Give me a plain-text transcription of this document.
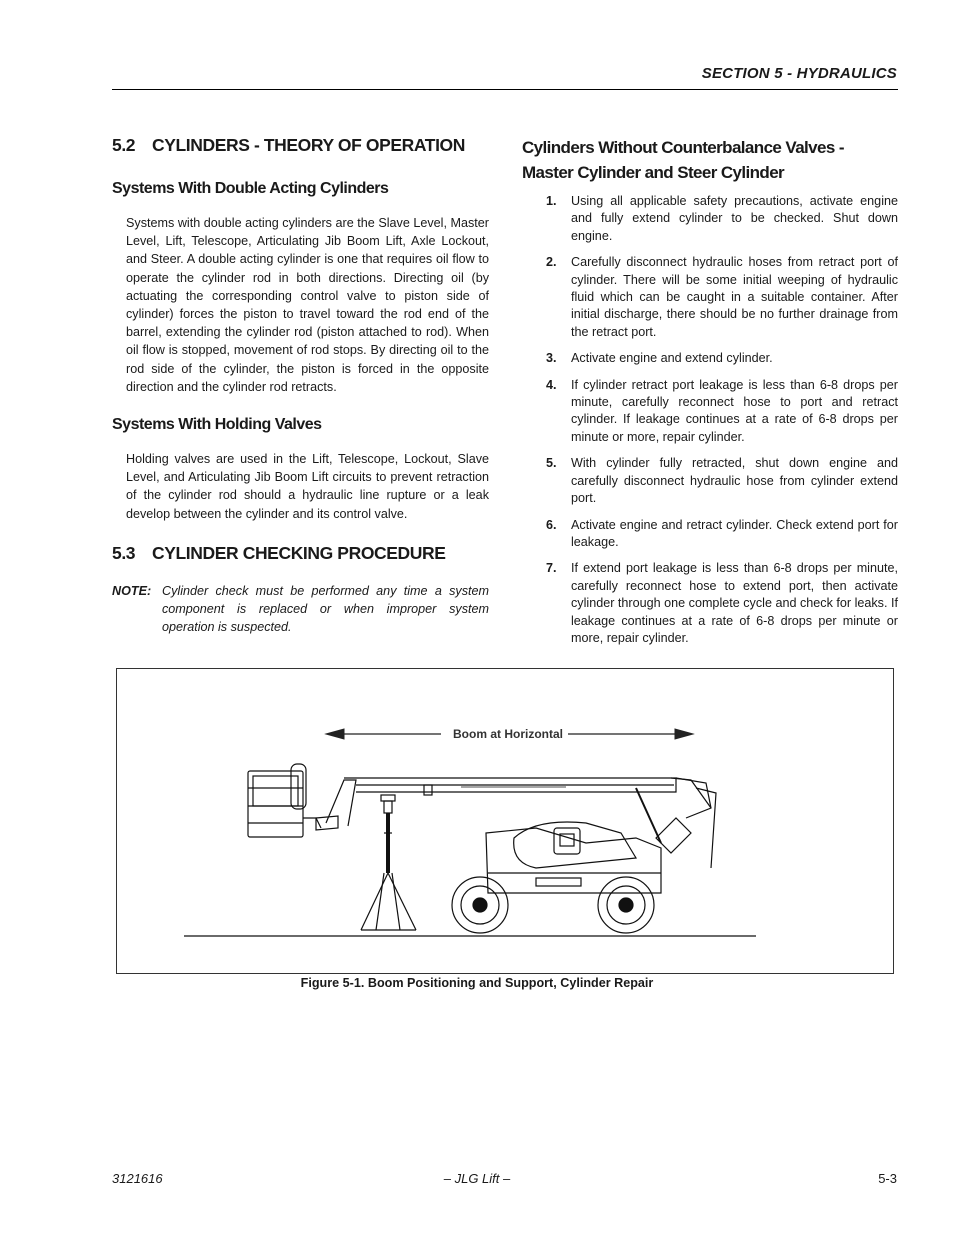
SECTION 5 - HYDRAULICS
5.2 CYLINDERS - THEORY OF OPERATION
Systems With Double Acting Cylinders
Systems with double acting cylinders are the Slave Level, Master Level, Lift, Telescope, Articulating Jib Boom Lift, Axle Lockout, and Steer. A double acting cylinder is one that requires oil flow to operate the cylinder rod in both directions. Directing oil (by actuating the corresponding control valve to piston side of cylinder) forces the piston to travel toward the rod end of the barrel, extending the cylinder rod (piston attached to rod). When oil flow is stopped, movement of rod stops. By directing oil to the rod side of the cylinder, the piston is forced in the opposite direction and the cylinder rod retracts.
Systems With Holding Valves
Holding valves are used in the Lift, Telescope, Lockout, Slave Level, and Articulating Jib Boom Lift circuits to prevent retraction of the cylinder rod should a hydraulic line rupture or a leak develop between the cylinder and its control valve.
5.3 CYLINDER CHECKING PROCEDURE
NOTE: Cylinder check must be performed any time a system component is replaced or when improper system operation is suspected.
Cylinders Without Counterbalance Valves - Master Cylinder and Steer Cylinder
1. Using all applicable safety precautions, activate engine and fully extend cylinder to be checked. Shut down engine.
2. Carefully disconnect hydraulic hoses from retract port of cylinder. There will be some initial weeping of hydraulic fluid which can be caught in a suitable container. After initial discharge, there should be no further drainage from the retract port.
3. Activate engine and extend cylinder.
4. If cylinder retract port leakage is less than 6-8 drops per minute, carefully reconnect hose to port and retract cylinder. If leakage continues at a rate of 6-8 drops per minute or more, repair cylinder.
5. With cylinder fully retracted, shut down engine and carefully disconnect hydraulic hose from cylinder extend port.
6. Activate engine and retract cylinder. Check extend port for leakage.
7. If extend port leakage is less than 6-8 drops per minute, carefully reconnect hose to extend port, then activate cylinder through one complete cycle and check for leaks. If leakage continues at a rate of 6-8 drops per minute or more, repair cylinder.
Boom at Horizontal
Figure 5-1. Boom Positioning and Support, Cylinder Repair
3121616	– JLG Lift –	5-3
